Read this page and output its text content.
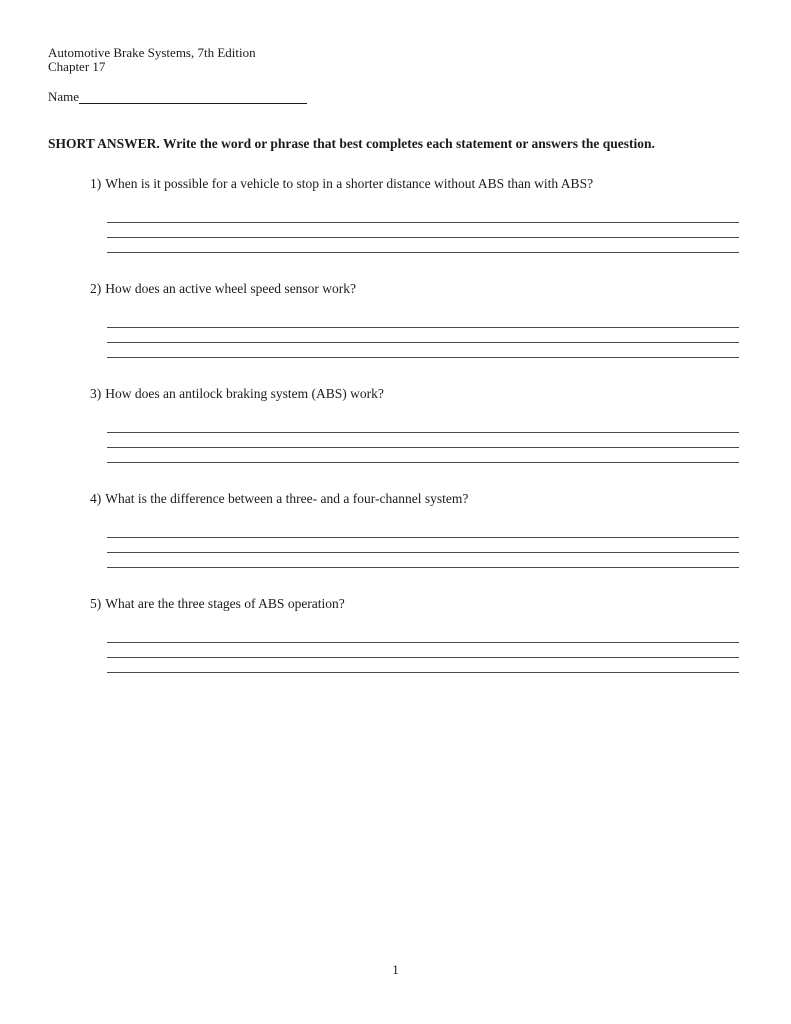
Automotive Brake Systems, 7th Edition
Chapter 17
Name
SHORT ANSWER. Write the word or phrase that best completes each statement or answers the question.
1) When is it possible for a vehicle to stop in a shorter distance without ABS than with ABS?
2) How does an active wheel speed sensor work?
3) How does an antilock braking system (ABS) work?
4) What is the difference between a three- and a four-channel system?
5) What are the three stages of ABS operation?
1
